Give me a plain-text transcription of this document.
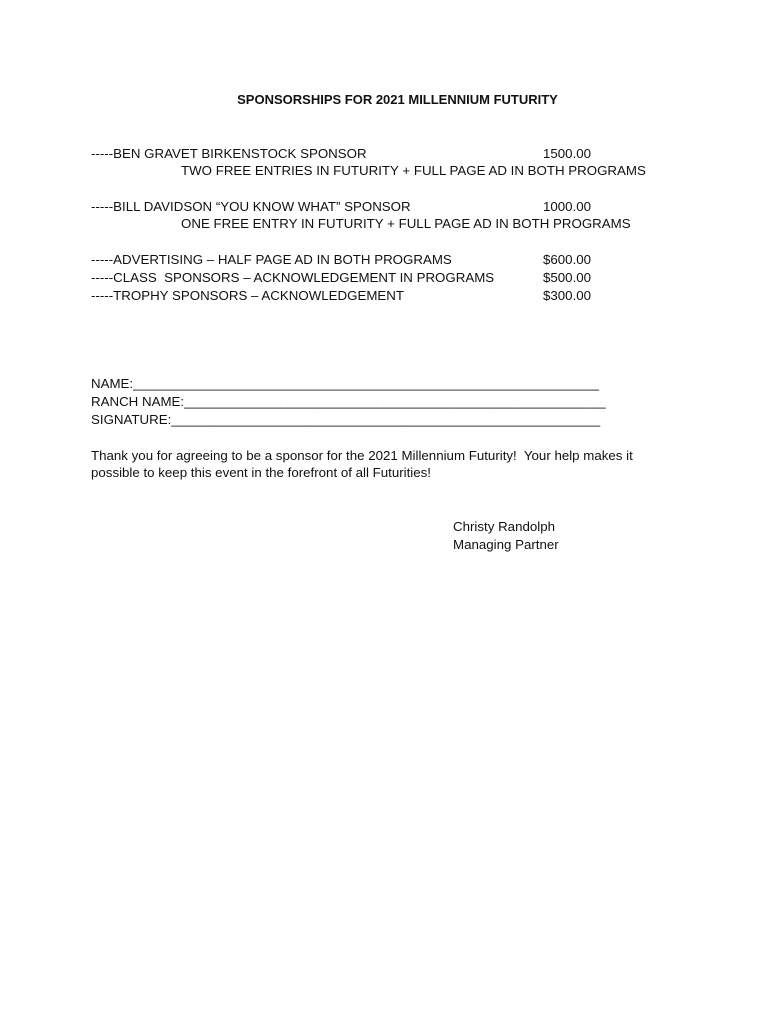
SPONSORSHIPS FOR 2021 MILLENNIUM FUTURITY
-----BEN GRAVET BIRKENSTOCK SPONSOR	1500.00
TWO FREE ENTRIES IN FUTURITY + FULL PAGE AD IN BOTH PROGRAMS
-----BILL DAVIDSON “YOU KNOW WHAT” SPONSOR	1000.00
ONE FREE ENTRY IN FUTURITY + FULL PAGE AD IN BOTH PROGRAMS
-----ADVERTISING – HALF PAGE AD IN BOTH PROGRAMS	$600.00
-----CLASS  SPONSORS – ACKNOWLEDGEMENT IN PROGRAMS	$500.00
-----TROPHY SPONSORS – ACKNOWLEDGEMENT	$300.00
NAME:_______________________________________________________________
RANCH NAME:_________________________________________________________
SIGNATURE:__________________________________________________________
Thank you for agreeing to be a sponsor for the 2021 Millennium Futurity!  Your help makes it
possible to keep this event in the forefront of all Futurities!
Christy Randolph
Managing Partner
